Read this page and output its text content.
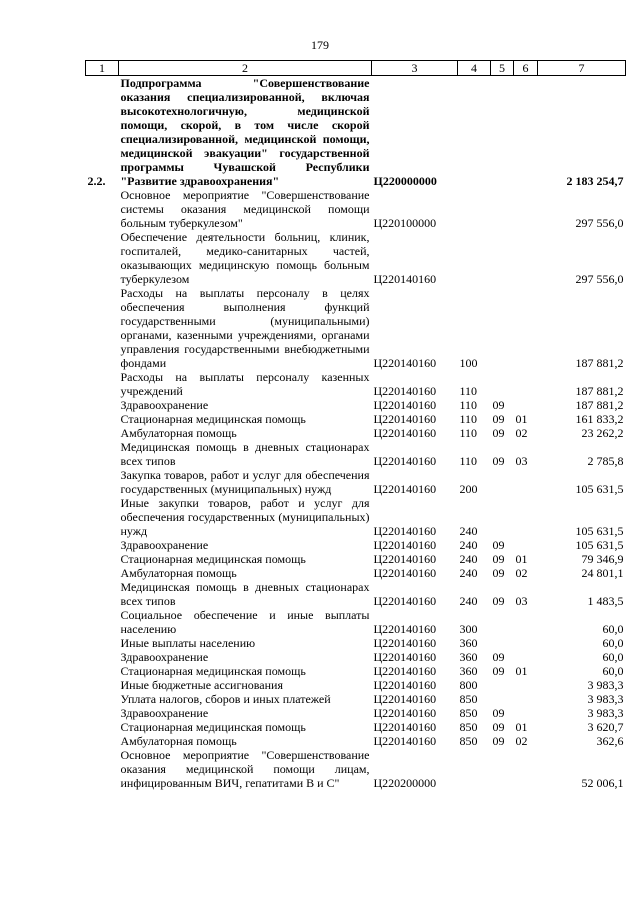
179
1	2	3	4	5	6	7
2.2.	Подпрограмма "Совершенствование оказания специализированной, включая высокотехнологичную, медицинской помощи, скорой, в том числе скорой специализированной, медицинской помощи, медицинской эвакуации" государственной программы Чувашской Республики "Развитие здравоохранения"	Ц220000000				2 183 254,7
	Основное мероприятие "Совершенствование системы оказания медицинской помощи больным туберкулезом"	Ц220100000				297 556,0
	Обеспечение деятельности больниц, клиник, госпиталей, медико-санитарных частей, оказывающих медицинскую помощь больным туберкулезом	Ц220140160				297 556,0
	Расходы на выплаты персоналу в целях обеспечения выполнения функций государственными (муниципальными) органами, казенными учреждениями, органами управления государственными внебюджетными фондами	Ц220140160	100			187 881,2
	Расходы на выплаты персоналу казенных учреждений	Ц220140160	110			187 881,2
	Здравоохранение	Ц220140160	110	09		187 881,2
	Стационарная медицинская помощь	Ц220140160	110	09	01	161 833,2
	Амбулаторная помощь	Ц220140160	110	09	02	23 262,2
	Медицинская помощь в дневных стационарах всех типов	Ц220140160	110	09	03	2 785,8
	Закупка товаров, работ и услуг для обеспечения государственных (муниципальных) нужд	Ц220140160	200			105 631,5
	Иные закупки товаров, работ и услуг для обеспечения государственных (муниципальных) нужд	Ц220140160	240			105 631,5
	Здравоохранение	Ц220140160	240	09		105 631,5
	Стационарная медицинская помощь	Ц220140160	240	09	01	79 346,9
	Амбулаторная помощь	Ц220140160	240	09	02	24 801,1
	Медицинская помощь в дневных стационарах всех типов	Ц220140160	240	09	03	1 483,5
	Социальное обеспечение и иные выплаты населению	Ц220140160	300			60,0
	Иные выплаты населению	Ц220140160	360			60,0
	Здравоохранение	Ц220140160	360	09		60,0
	Стационарная медицинская помощь	Ц220140160	360	09	01	60,0
	Иные бюджетные ассигнования	Ц220140160	800			3 983,3
	Уплата налогов, сборов и иных платежей	Ц220140160	850			3 983,3
	Здравоохранение	Ц220140160	850	09		3 983,3
	Стационарная медицинская помощь	Ц220140160	850	09	01	3 620,7
	Амбулаторная помощь	Ц220140160	850	09	02	362,6
	Основное мероприятие "Совершенствование оказания медицинской помощи лицам, инфицированным ВИЧ, гепатитами B и C"	Ц220200000				52 006,1
